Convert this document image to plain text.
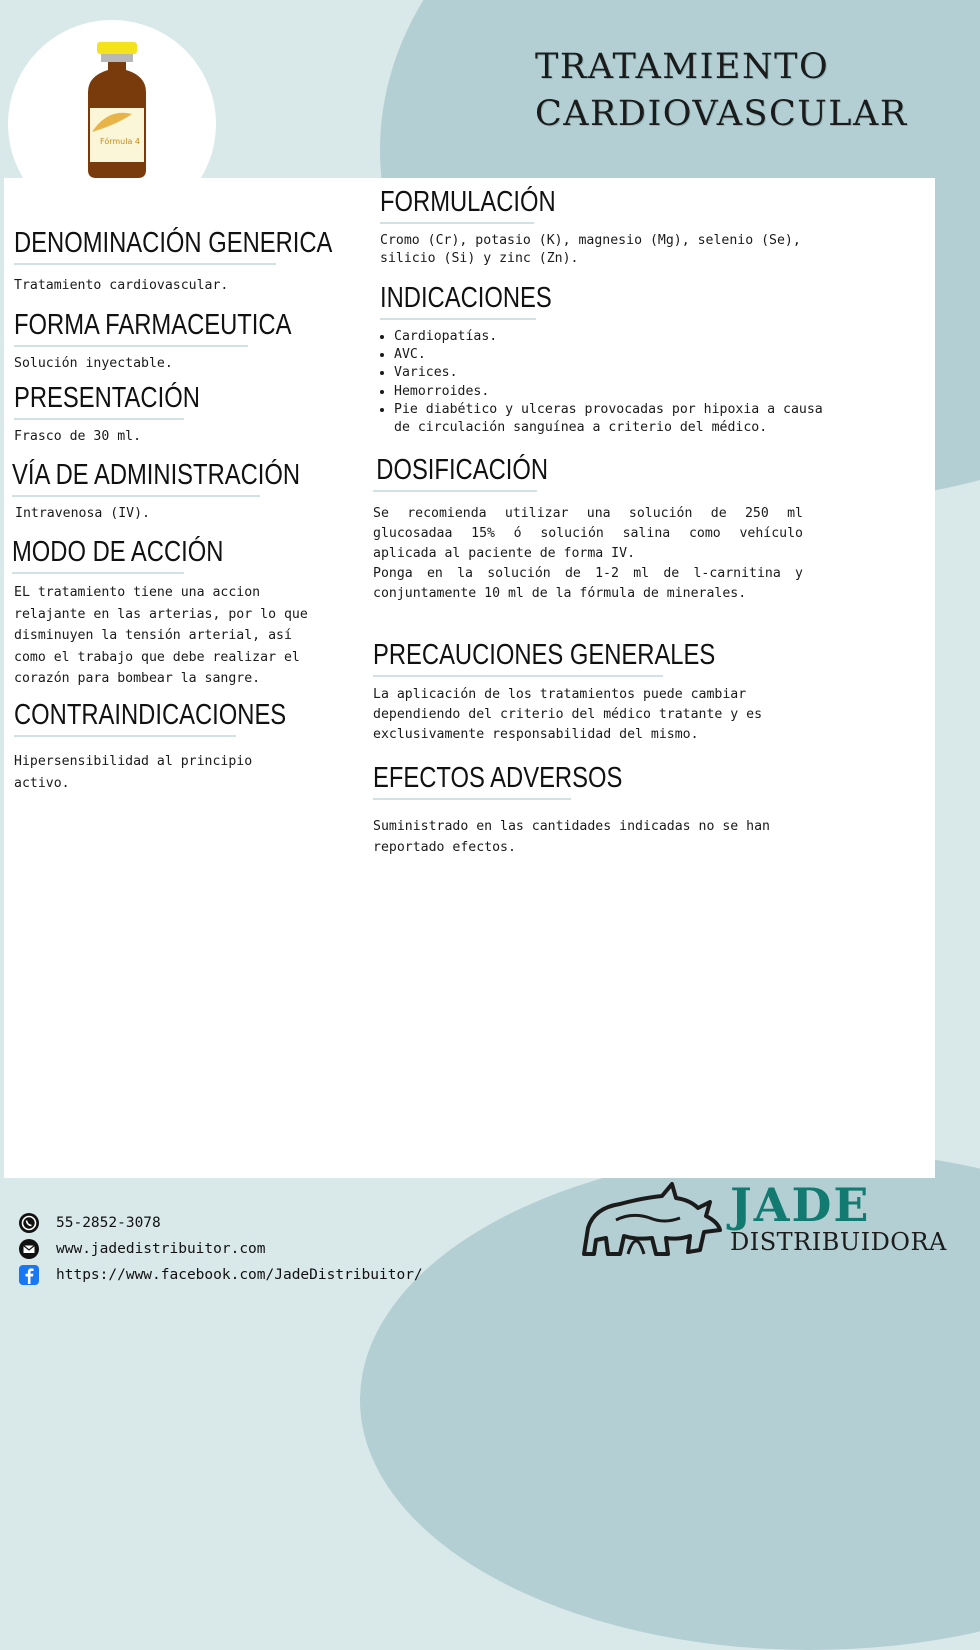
Fórmula 4
TRATAMIENTO
CARDIOVASCULAR
DENOMINACIÓN GENERICA
Tratamiento cardiovascular.
FORMA FARMACEUTICA
Solución inyectable.
PRESENTACIÓN
Frasco de 30 ml.
VÍA DE ADMINISTRACIÓN
Intravenosa (IV).
MODO DE ACCIÓN
EL tratamiento tiene una accion relajante en las arterias, por lo que disminuyen la tensión arterial, así como el trabajo que debe realizar el corazón para bombear la sangre.
CONTRAINDICACIONES
Hipersensibilidad al principio activo.
FORMULACIÓN
Cromo (Cr), potasio (K), magnesio (Mg), selenio (Se), silicio (Si) y zinc (Zn).
INDICACIONES
• Cardiopatías.
• AVC.
• Varices.
• Hemorroides.
• Pie diabético y ulceras provocadas por hipoxia a causa de circulación sanguínea a criterio del médico.
DOSIFICACIÓN
Se recomienda utilizar una solución de 250 ml glucosadaa 15% ó solución salina como vehículo aplicada al paciente de forma IV.
Ponga en la solución de 1-2 ml de l-carnitina y conjuntamente 10 ml de la fórmula de minerales.
PRECAUCIONES GENERALES
La aplicación de los tratamientos puede cambiar dependiendo del criterio del médico tratante y es exclusivamente responsabilidad del mismo.
EFECTOS ADVERSOS
Suministrado en las cantidades indicadas no se han reportado efectos.
55-2852-3078
www.jadedistribuitor.com
https://www.facebook.com/JadeDistribuitor/
JADE
DISTRIBUIDORA
